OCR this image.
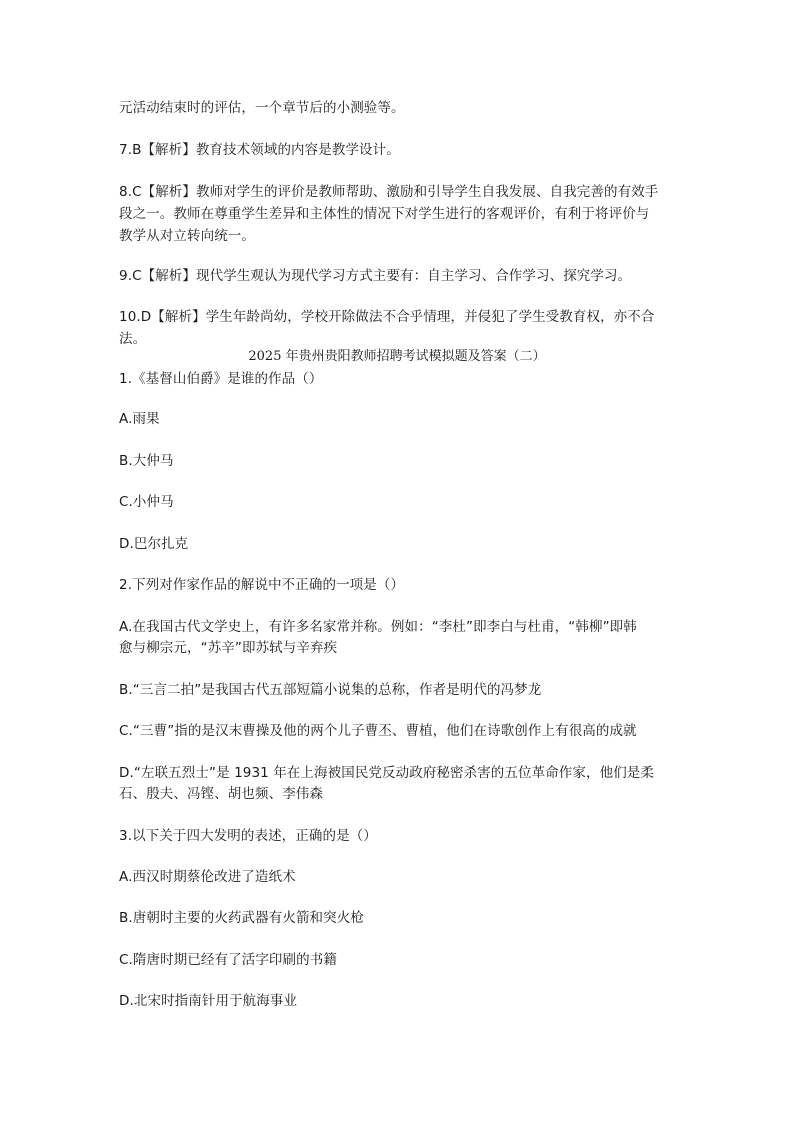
元活动结束时的评估，一个章节后的小测验等。
7.B【解析】教育技术领域的内容是教学设计。
8.C【解析】教师对学生的评价是教师帮助、激励和引导学生自我发展、自我完善的有效手
段之一。教师在尊重学生差异和主体性的情况下对学生进行的客观评价，有利于将评价与
教学从对立转向统一。
9.C【解析】现代学生观认为现代学习方式主要有：自主学习、合作学习、探究学习。
10.D【解析】学生年龄尚幼，学校开除做法不合乎情理，并侵犯了学生受教育权，亦不合
法。
2025 年贵州贵阳教师招聘考试模拟题及答案（二）
1.《基督山伯爵》是谁的作品（）
A.雨果
B.大仲马
C.小仲马
D.巴尔扎克
2.下列对作家作品的解说中不正确的一项是（）
A.在我国古代文学史上，有许多名家常并称。例如：“李杜”即李白与杜甫，“韩柳”即韩
愈与柳宗元，“苏辛”即苏轼与辛弃疾
B.“三言二拍”是我国古代五部短篇小说集的总称，作者是明代的冯梦龙
C.“三曹”指的是汉末曹操及他的两个儿子曹丕、曹植，他们在诗歌创作上有很高的成就
D.“左联五烈士”是 1931 年在上海被国民党反动政府秘密杀害的五位革命作家，他们是柔
石、殷夫、冯铿、胡也频、李伟森
3.以下关于四大发明的表述，正确的是（）
A.西汉时期蔡伦改进了造纸术
B.唐朝时主要的火药武器有火箭和突火枪
C.隋唐时期已经有了活字印刷的书籍
D.北宋时指南针用于航海事业
